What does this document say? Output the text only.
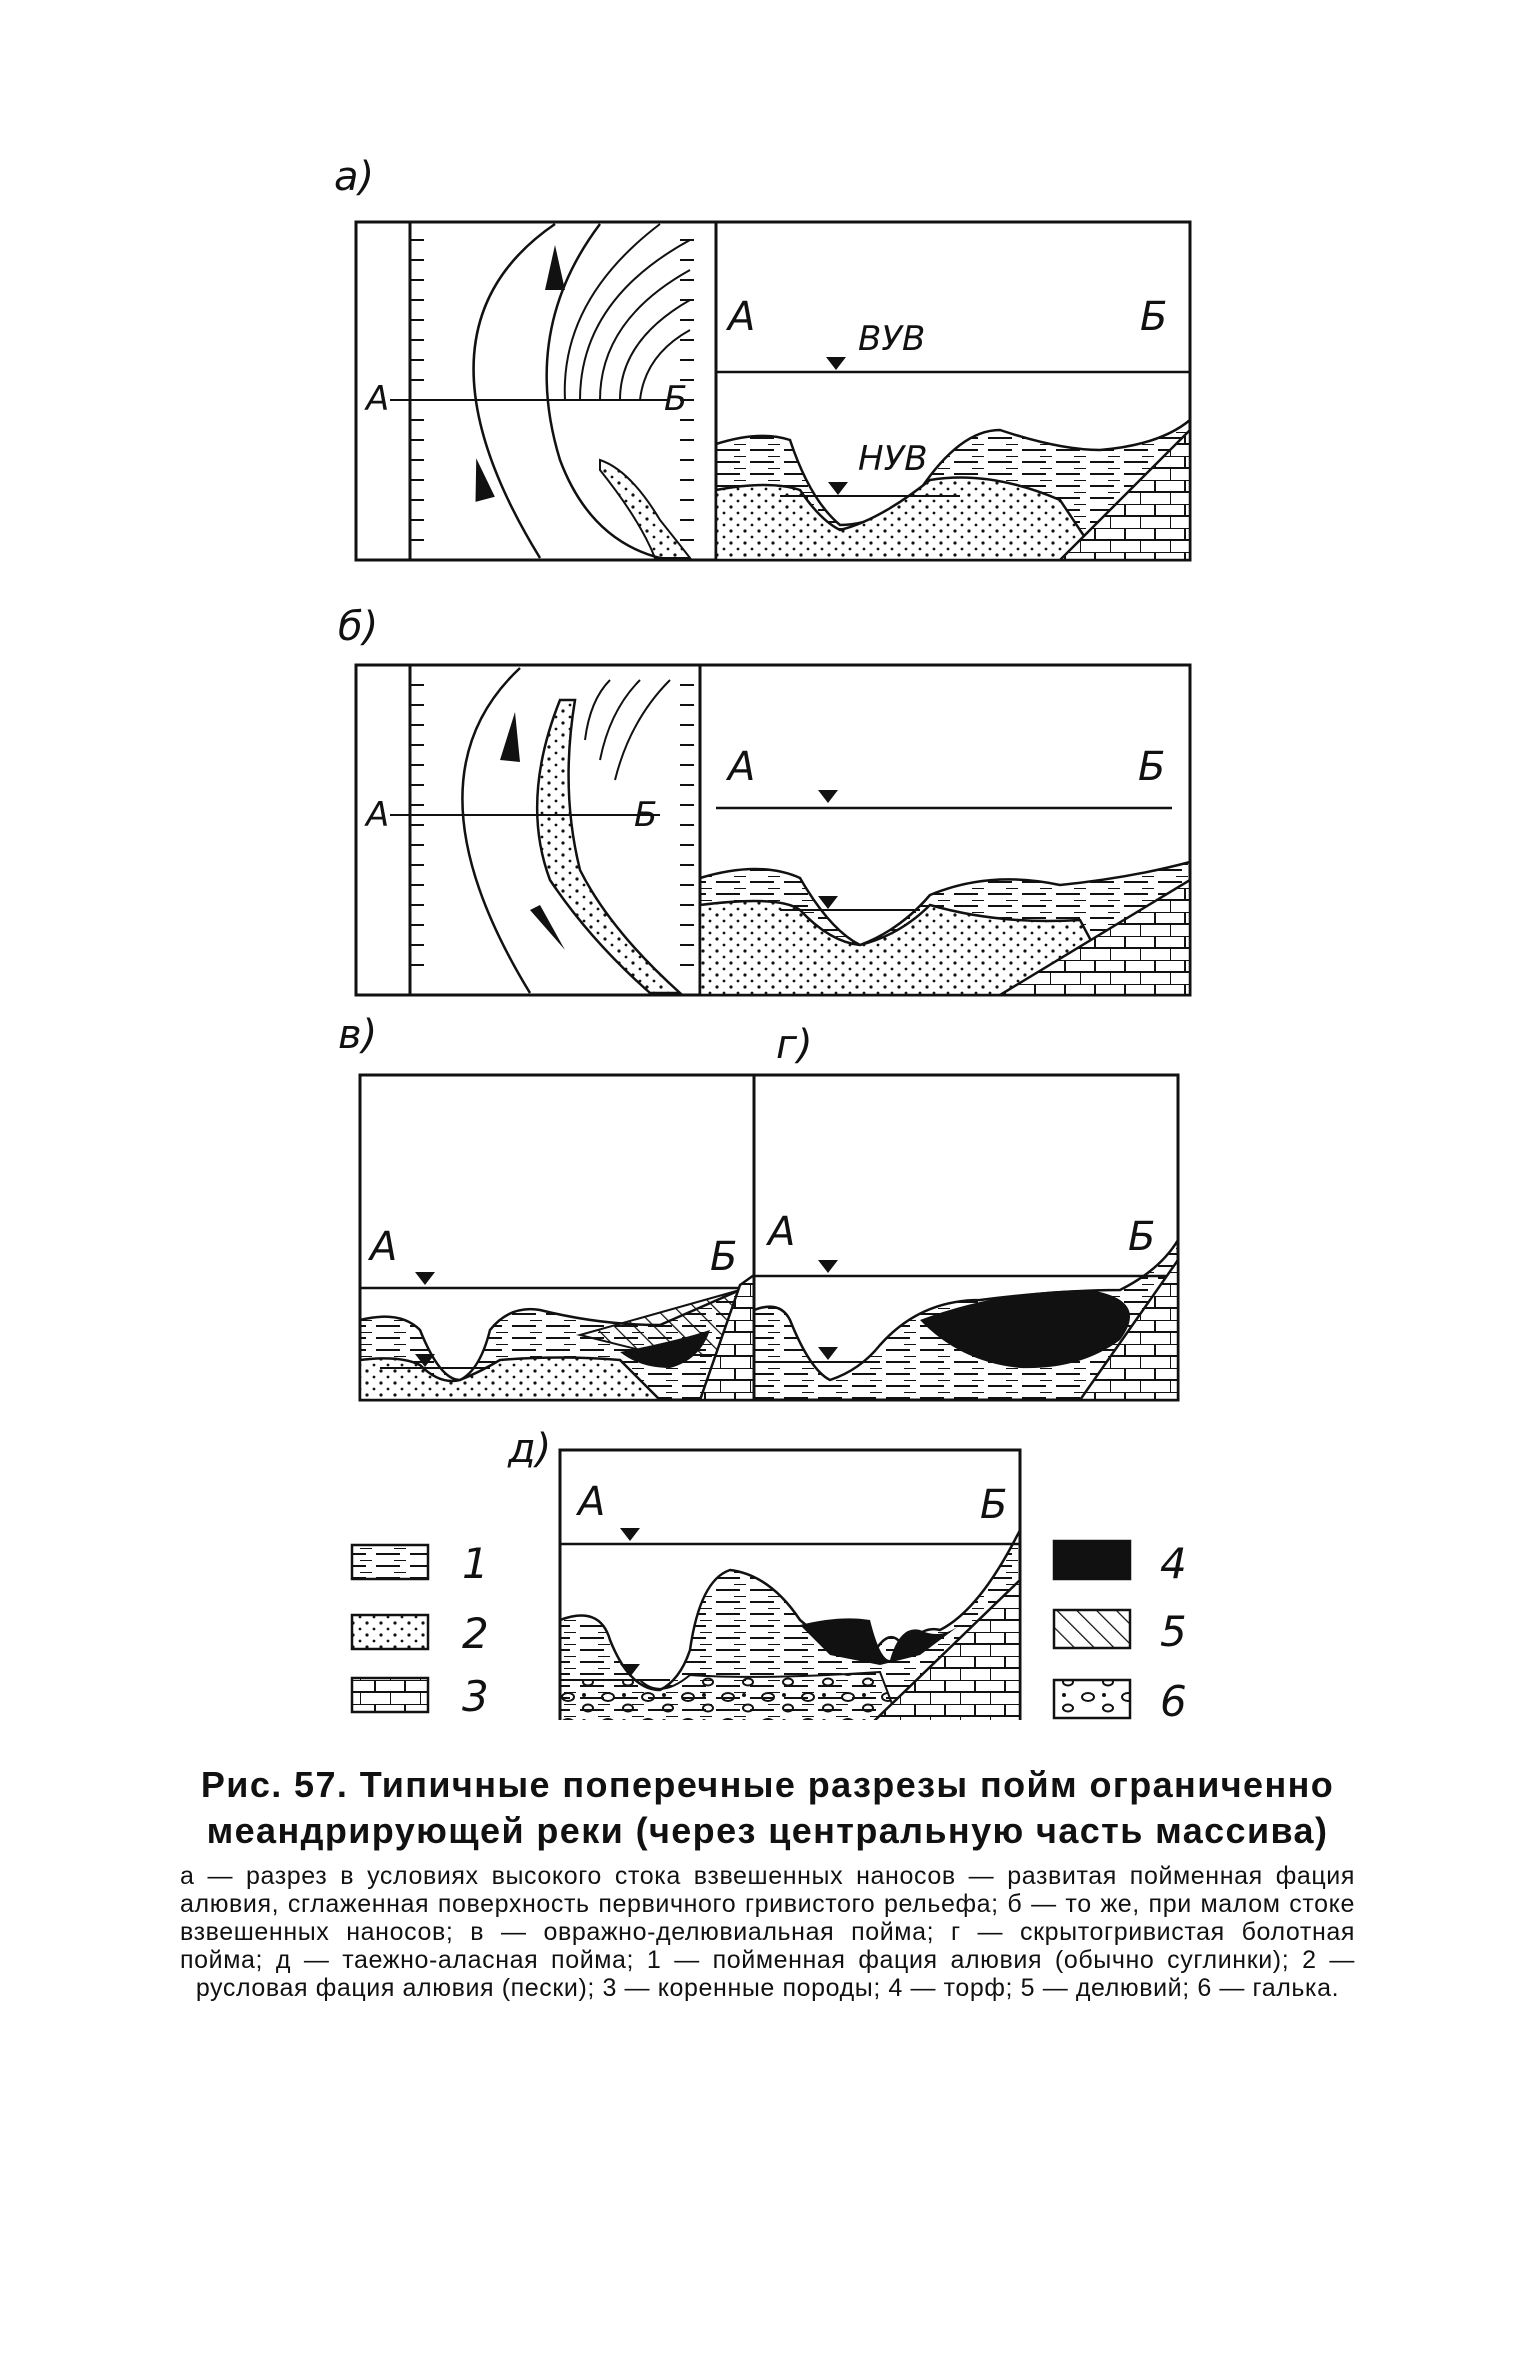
а)
А	Б
А	Б
ВУВ
НУВ
б)
А	Б
А	Б
в)	г)
А	Б
А	Б
д)
А	Б
1
2
3
4
5
6
Рис. 57. Типичные поперечные разрезы пойм ограниченно меандрирующей реки (через центральную часть массива)
а — разрез в условиях высокого стока взвешенных наносов — развитая пойменная фация алювия, сглаженная поверхность первичного гривистого рельефа; б — то же, при малом стоке взвешенных наносов; в — овражно-делювиальная пойма; г — скрытогривистая болотная пойма; д — таежно-аласная пойма; 1 — пойменная фация алювия (обычно суглинки); 2 — русловая фация алювия (пески); 3 — коренные породы; 4 — торф; 5 — делювий; 6 — галька.
